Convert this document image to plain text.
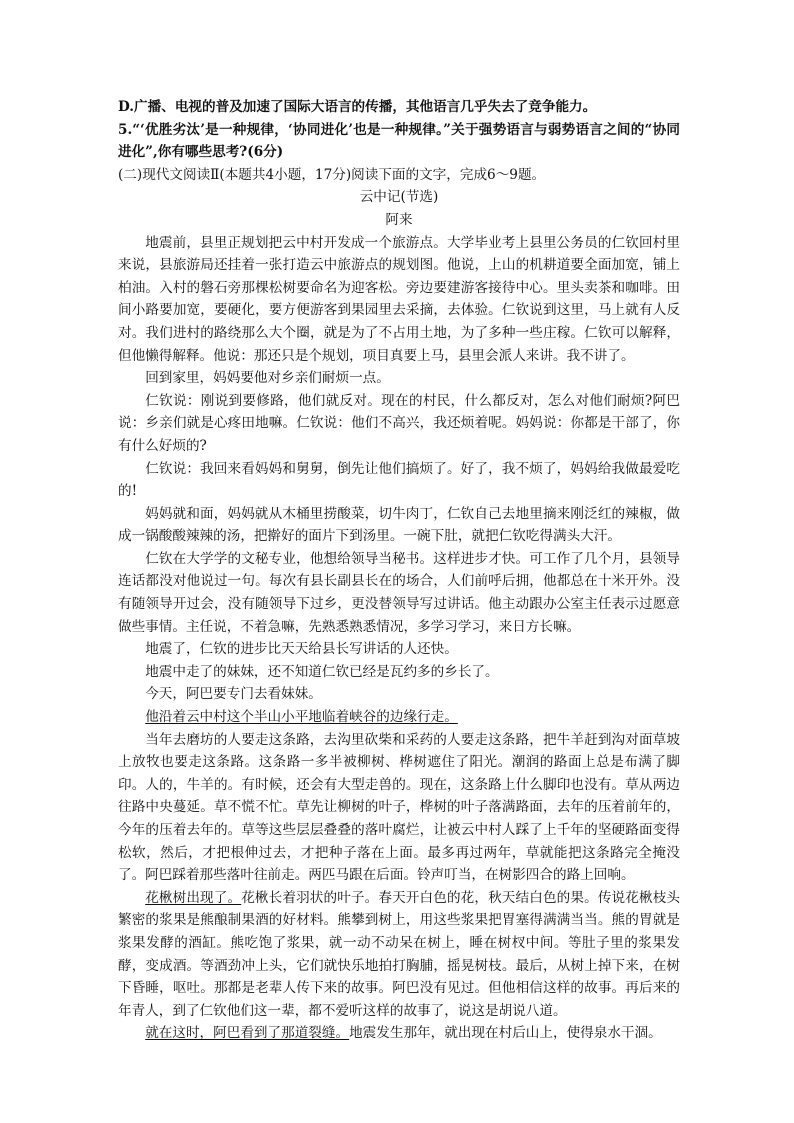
D.广播、电视的普及加速了国际大语言的传播，其他语言几乎失去了竞争能力。

5.“‘优胜劣汰’是一种规律，‘协同进化’也是一种规律。”关于强势语言与弱势语言之间的“协同进化”,你有哪些思考?(6分)

(二)现代文阅读Ⅱ(本题共4小题，17分)阅读下面的文字，完成6～9题。

云中记(节选)

阿来

地震前，县里正规划把云中村开发成一个旅游点。大学毕业考上县里公务员的仁钦回村里来说，县旅游局还挂着一张打造云中旅游点的规划图。他说，上山的机耕道要全面加宽，铺上柏油。入村的磐石旁那棵松树要命名为迎客松。旁边要建游客接待中心。里头卖茶和咖啡。田间小路要加宽，要硬化，要方便游客到果园里去采摘，去体验。仁钦说到这里，马上就有人反对。我们进村的路绕那么大个圈，就是为了不占用土地，为了多种一些庄稼。仁钦可以解释，但他懒得解释。他说：那还只是个规划，项目真要上马，县里会派人来讲。我不讲了。

回到家里，妈妈要他对乡亲们耐烦一点。

仁钦说：刚说到要修路，他们就反对。现在的村民，什么都反对，怎么对他们耐烦?阿巴说：乡亲们就是心疼田地嘛。仁钦说：他们不高兴，我还烦着呢。妈妈说：你都是干部了，你有什么好烦的?

仁钦说：我回来看妈妈和舅舅，倒先让他们搞烦了。好了，我不烦了，妈妈给我做最爱吃的!

妈妈就和面，妈妈就从木桶里捞酸菜，切牛肉丁，仁钦自己去地里摘来刚泛红的辣椒，做成一锅酸酸辣辣的汤，把擀好的面片下到汤里。一碗下肚，就把仁钦吃得满头大汗。

仁钦在大学学的文秘专业，他想给领导当秘书。这样进步才快。可工作了几个月，县领导连话都没对他说过一句。每次有县长副县长在的场合，人们前呼后拥，他都总在十米开外。没有随领导开过会，没有随领导下过乡，更没替领导写过讲话。他主动跟办公室主任表示过愿意做些事情。主任说，不着急嘛，先熟悉熟悉情况，多学习学习，来日方长嘛。

地震了，仁钦的进步比天天给县长写讲话的人还快。

地震中走了的妹妹，还不知道仁钦已经是瓦约多的乡长了。

今天，阿巴要专门去看妹妹。

他沿着云中村这个半山小平地临着峡谷的边缘行走。

当年去磨坊的人要走这条路，去沟里砍柴和采药的人要走这条路，把牛羊赶到沟对面草坡上放牧也要走这条路。这条路一多半被柳树、桦树遮住了阳光。潮润的路面上总是布满了脚印。人的，牛羊的。有时候，还会有大型走兽的。现在，这条路上什么脚印也没有。草从两边往路中央蔓延。草不慌不忙。草先让柳树的叶子，桦树的叶子落满路面，去年的压着前年的，今年的压着去年的。草等这些层层叠叠的落叶腐烂，让被云中村人踩了上千年的坚硬路面变得松软，然后，才把根伸过去，才把种子落在上面。最多再过两年，草就能把这条路完全掩没了。阿巴踩着那些落叶往前走。两匹马跟在后面。铃声叮当，在树影四合的路上回响。

花楸树出现了。花楸长着羽状的叶子。春天开白色的花，秋天结白色的果。传说花楸枝头繁密的浆果是熊酿制果酒的好材料。熊攀到树上，用这些浆果把胃塞得满满当当。熊的胃就是浆果发酵的酒缸。熊吃饱了浆果，就一动不动呆在树上，睡在树杈中间。等肚子里的浆果发酵，变成酒。等酒劲冲上头，它们就快乐地拍打胸脯，摇晃树枝。最后，从树上掉下来，在树下昏睡，呕吐。那都是老辈人传下来的故事。阿巴没有见过。但他相信这样的故事。再后来的年青人，到了仁钦他们这一辈，都不爱听这样的故事了，说这是胡说八道。

就在这时，阿巴看到了那道裂缝。地震发生那年，就出现在村后山上，使得泉水干涸。
